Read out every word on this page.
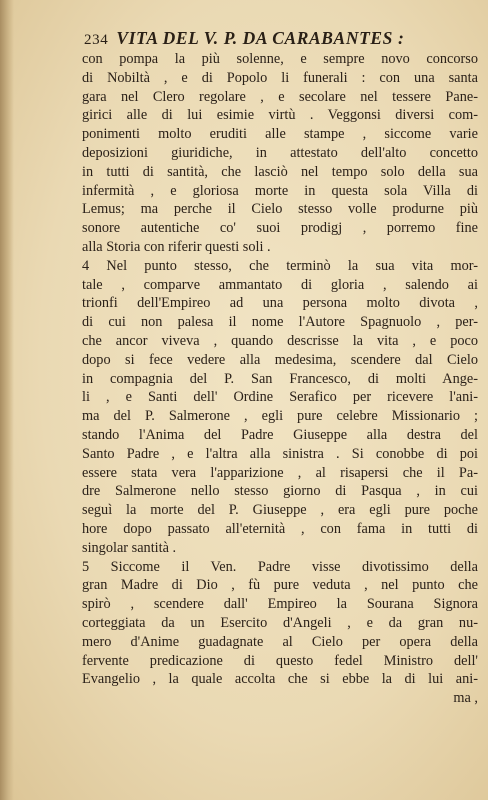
234 VITA DEL V. P. DA CARABANTES :
con pompa la più solenne, e sempre novo concorso
di Nobiltà , e di Popolo li funerali : con una santa
gara nel Clero regolare , e secolare nel tessere Pane-
girici alle di lui esimie virtù . Veggonsi diversi com-
ponimenti molto eruditi alle stampe , siccome varie
deposizioni giuridiche, in attestato dell'alto concetto
in tutti di santità, che lasciò nel tempo solo della sua
infermità , e gloriosa morte in questa sola Villa di
Lemus; ma perche il Cielo stesso volle produrne più
sonore autentiche co' suoi prodigj , porremo fine
alla Storia con riferir questi soli .
4 Nel punto stesso, che terminò la sua vita mor-
tale , comparve ammantato di gloria , salendo ai
trionfi dell'Empireo ad una persona molto divota ,
di cui non palesa il nome l'Autore Spagnuolo , per-
che ancor viveva , quando descrisse la vita , e poco
dopo si fece vedere alla medesima, scendere dal Cielo
in compagnia del P. San Francesco, di molti Ange-
li , e Santi dell' Ordine Serafico per ricevere l'ani-
ma del P. Salmerone , egli pure celebre Missionario ;
stando l'Anima del Padre Giuseppe alla destra del
Santo Padre , e l'altra alla sinistra . Si conobbe di poi
essere stata vera l'apparizione , al risapersi che il Pa-
dre Salmerone nello stesso giorno di Pasqua , in cui
seguì la morte del P. Giuseppe , era egli pure poche
hore dopo passato all'eternità , con fama in tutti di
singolar santità .
5 Siccome il Ven. Padre visse divotissimo della
gran Madre di Dio , fù pure veduta , nel punto che
spirò , scendere dall' Empireo la Sourana Signora
corteggiata da un Esercito d'Angeli , e da gran nu-
mero d'Anime guadagnate al Cielo per opera della
fervente predicazione di questo fedel Ministro dell'
Evangelio , la quale accolta che si ebbe la di lui ani-
ma ,
